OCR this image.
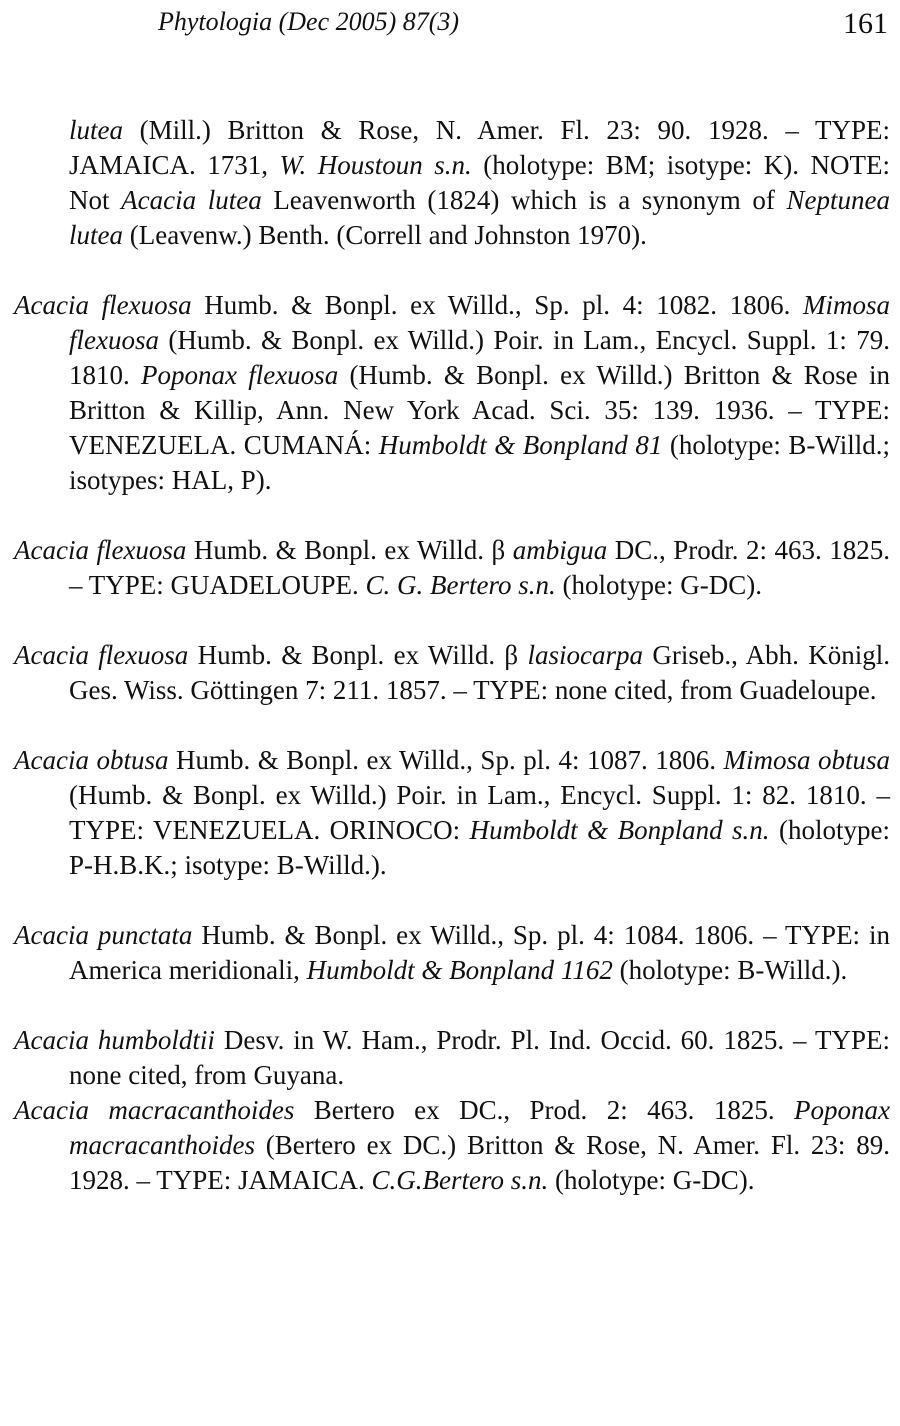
Phytologia (Dec 2005) 87(3)	161

lutea (Mill.) Britton & Rose, N. Amer. Fl. 23: 90. 1928. – TYPE: JAMAICA. 1731, W. Houstoun s.n. (holotype: BM; isotype: K). NOTE: Not Acacia lutea Leavenworth (1824) which is a synonym of Neptunea lutea (Leavenw.) Benth. (Correll and Johnston 1970).

Acacia flexuosa Humb. & Bonpl. ex Willd., Sp. pl. 4: 1082. 1806. Mimosa flexuosa (Humb. & Bonpl. ex Willd.) Poir. in Lam., Encycl. Suppl. 1: 79. 1810. Poponax flexuosa (Humb. & Bonpl. ex Willd.) Britton & Rose in Britton & Killip, Ann. New York Acad. Sci. 35: 139. 1936. – TYPE: VENEZUELA. CUMANÁ: Humboldt & Bonpland 81 (holotype: B-Willd.; isotypes: HAL, P).

Acacia flexuosa Humb. & Bonpl. ex Willd. β ambigua DC., Prodr. 2: 463. 1825. – TYPE: GUADELOUPE. C. G. Bertero s.n. (holotype: G-DC).

Acacia flexuosa Humb. & Bonpl. ex Willd. β lasiocarpa Griseb., Abh. Königl. Ges. Wiss. Göttingen 7: 211. 1857. – TYPE: none cited, from Guadeloupe.

Acacia obtusa Humb. & Bonpl. ex Willd., Sp. pl. 4: 1087. 1806. Mimosa obtusa (Humb. & Bonpl. ex Willd.) Poir. in Lam., Encycl. Suppl. 1: 82. 1810. – TYPE: VENEZUELA. ORINOCO: Humboldt & Bonpland s.n. (holotype: P-H.B.K.; isotype: B-Willd.).

Acacia punctata Humb. & Bonpl. ex Willd., Sp. pl. 4: 1084. 1806. – TYPE: in America meridionali, Humboldt & Bonpland 1162 (holotype: B-Willd.).

Acacia humboldtii Desv. in W. Ham., Prodr. Pl. Ind. Occid. 60. 1825. – TYPE: none cited, from Guyana.

Acacia macracanthoides Bertero ex DC., Prod. 2: 463. 1825. Poponax macracanthoides (Bertero ex DC.) Britton & Rose, N. Amer. Fl. 23: 89. 1928. – TYPE: JAMAICA. C.G.Bertero s.n. (holotype: G-DC).
